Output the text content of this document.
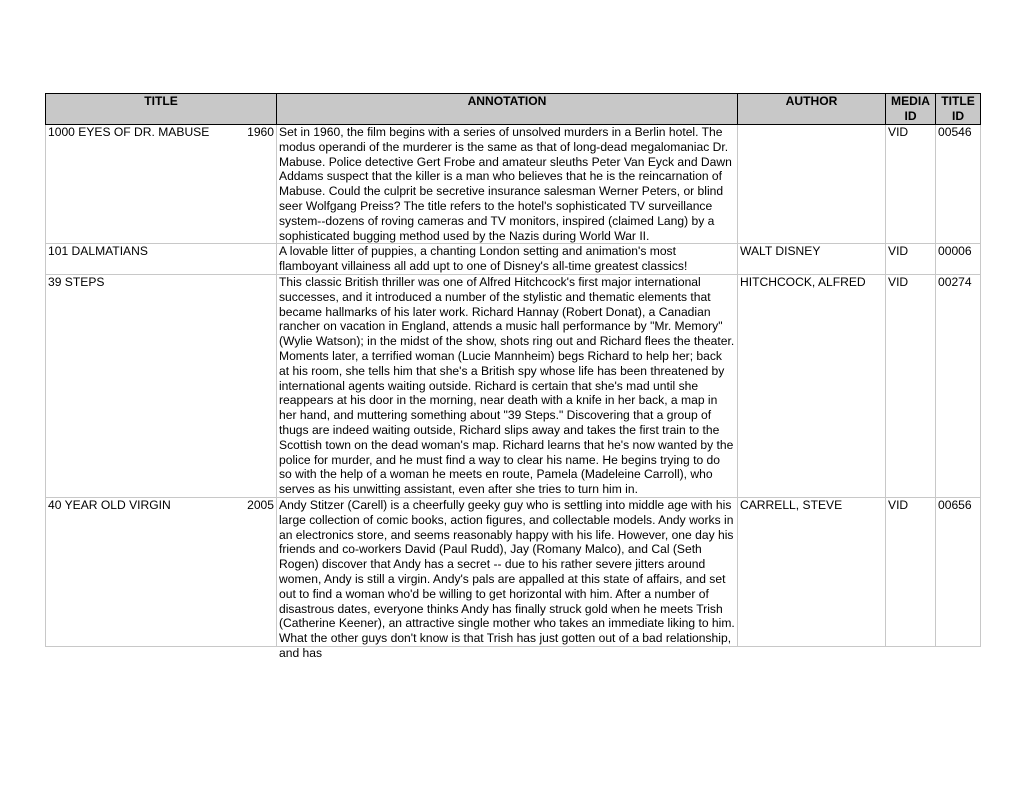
TITLE	ANNOTATION	AUTHOR	MEDIA ID	TITLE ID

1000 EYES OF DR. MABUSE 1960	Set in 1960, the film begins with a series of unsolved murders in a Berlin hotel. The modus operandi of the murderer is the same as that of long-dead megalomaniac Dr. Mabuse. Police detective Gert Frobe and amateur sleuths Peter Van Eyck and Dawn Addams suspect that the killer is a man who believes that he is the reincarnation of Mabuse. Could the culprit be secretive insurance salesman Werner Peters, or blind seer Wolfgang Preiss? The title refers to the hotel's sophisticated TV surveillance system--dozens of roving cameras and TV monitors, inspired (claimed Lang) by a sophisticated bugging method used by the Nazis during World War II.		VID	00546

101 DALMATIANS	A lovable litter of puppies, a chanting London setting and animation's most flamboyant villainess all add upt to one of Disney's all-time greatest classics!	WALT DISNEY	VID	00006

39 STEPS	This classic British thriller was one of Alfred Hitchcock's first major international successes, and it introduced a number of the stylistic and thematic elements that became hallmarks of his later work. Richard Hannay (Robert Donat), a Canadian rancher on vacation in England, attends a music hall performance by "Mr. Memory" (Wylie Watson); in the midst of the show, shots ring out and Richard flees the theater. Moments later, a terrified woman (Lucie Mannheim) begs Richard to help her; back at his room, she tells him that she's a British spy whose life has been threatened by international agents waiting outside. Richard is certain that she's mad until she reappears at his door in the morning, near death with a knife in her back, a map in her hand, and muttering something about "39 Steps." Discovering that a group of thugs are indeed waiting outside, Richard slips away and takes the first train to the Scottish town on the dead woman's map. Richard learns that he's now wanted by the police for murder, and he must find a way to clear his name. He begins trying to do so with the help of a woman he meets en route, Pamela (Madeleine Carroll), who serves as his unwitting assistant, even after she tries to turn him in.	HITCHCOCK, ALFRED	VID	00274

40 YEAR OLD VIRGIN 2005	Andy Stitzer (Carell) is a cheerfully geeky guy who is settling into middle age with his large collection of comic books, action figures, and collectable models. Andy works in an electronics store, and seems reasonably happy with his life. However, one day his friends and co-workers David (Paul Rudd), Jay (Romany Malco), and Cal (Seth Rogen) discover that Andy has a secret -- due to his rather severe jitters around women, Andy is still a virgin. Andy's pals are appalled at this state of affairs, and set out to find a woman who'd be willing to get horizontal with him. After a number of disastrous dates, everyone thinks Andy has finally struck gold when he meets Trish (Catherine Keener), an attractive single mother who takes an immediate liking to him. What the other guys don't know is that Trish has just gotten out of a bad relationship, and has	CARRELL, STEVE	VID	00656
